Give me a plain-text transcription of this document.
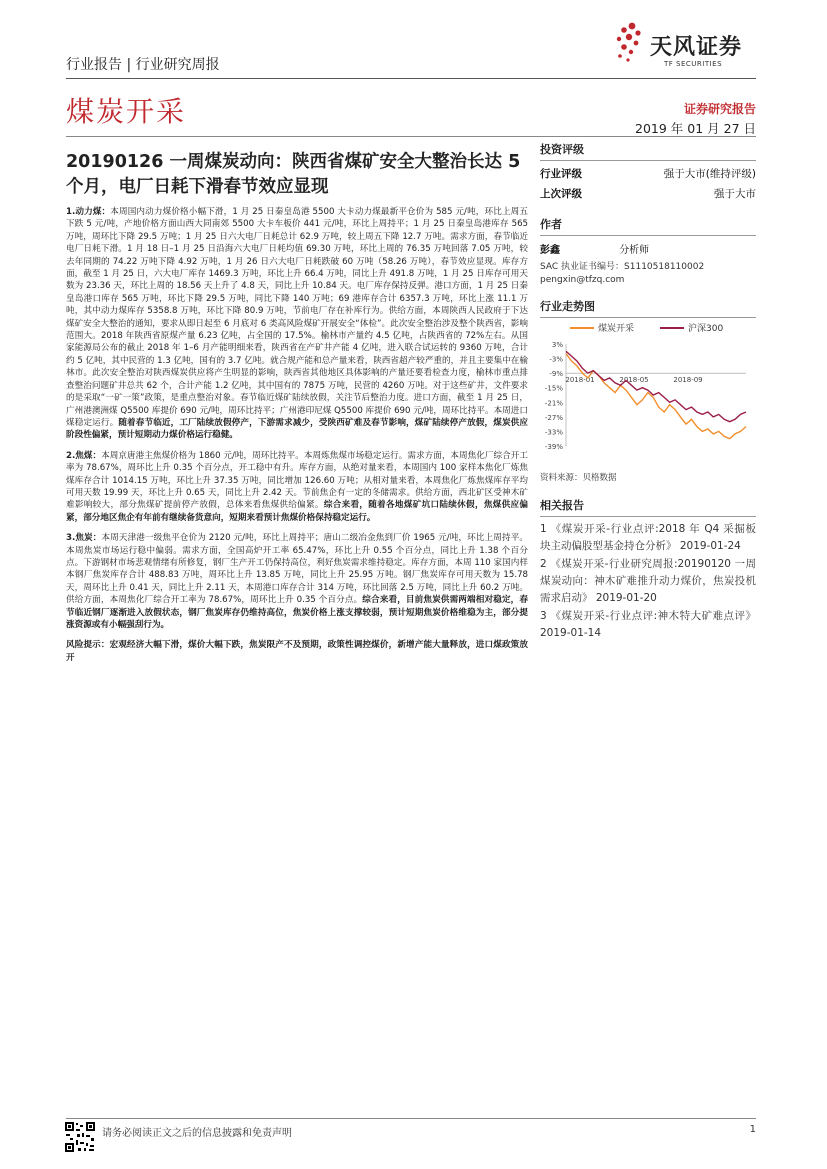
天风证券
TF SECURITIES
行业报告 | 行业研究周报
煤炭开采	证券研究报告
2019 年 01 月 27 日
20190126 一周煤炭动向：陕西省煤矿安全大整治长达 5 个月，电厂日耗下滑春节效应显现

1.动力煤：本周国内动力煤价格小幅下滑，1 月 25 日秦皇岛港 5500 大卡动力煤最新平仓价为 585 元/吨，环比上周五下跌 5 元/吨，产地价格方面山西大同南郊 5500 大卡车板价 441 元/吨，环比上周持平；1 月 25 日秦皇岛港库存 565 万吨，周环比下降 29.5 万吨；1 月 25 日六大电厂日耗总计 62.9 万吨，较上周五下降 12.7 万吨。需求方面，春节临近电厂日耗下滑。1 月 18 日–1 月 25 日沿海六大电厂日耗均值 69.30 万吨，环比上周的 76.35 万吨回落 7.05 万吨，较去年同期的 74.22 万吨下降 4.92 万吨，1 月 26 日六大电厂日耗跌破 60 万吨（58.26 万吨），春节效应显现。库存方面，截至 1 月 25 日，六大电厂库存 1469.3 万吨，环比上升 66.4 万吨，同比上升 491.8 万吨，1 月 25 日库存可用天数为 23.36 天，环比上周的 18.56 天上升了 4.8 天，同比上升 10.84 天。电厂库存保持反弹。港口方面，1 月 25 日秦皇岛港口库存 565 万吨，环比下降 29.5 万吨，同比下降 140 万吨；69 港库存合计 6357.3 万吨，环比上涨 11.1 万吨，其中动力煤库存 5358.8 万吨，环比下降 80.9 万吨，节前电厂存在补库行为。供给方面，本周陕西人民政府于下达煤矿安全大整治的通知，要求从即日起至 6 月底对 6 类高风险煤矿开展安全“体检”。此次安全整治涉及整个陕西省，影响范围大。2018 年陕西省原煤产量 6.23 亿吨，占全国的 17.5%。榆林市产量约 4.5 亿吨，占陕西省的 72%左右。从国家能源局公布的截止 2018 年 1–6 月产能明细来看，陕西省在产矿井产能 4 亿吨，进入联合试运转的 9360 万吨，合计约 5 亿吨，其中民营的 1.3 亿吨，国有的 3.7 亿吨。就合规产能和总产量来看，陕西省超产较严重的，并且主要集中在榆林市。此次安全整治对陕西煤炭供应将产生明显的影响，陕西省其他地区具体影响的产量还要看检查力度，榆林市重点排查整治问题矿井总共 62 个，合计产能 1.2 亿吨，其中国有的 7875 万吨，民营的 4260 万吨。对于这些矿井，文件要求的是采取“一矿一策”政策，是重点整治对象。春节临近煤矿陆续放假，关注节后整治力度。进口方面，截至 1 月 25 日，广州港澳洲煤 Q5500 库提价 690 元/吨，周环比持平；广州港印尼煤 Q5500 库提价 690 元/吨，周环比持平。本周进口煤稳定运行。随着春节临近，工厂陆续放假停产，下游需求减少，受陕西矿难及春节影响，煤矿陆续停产放假，煤炭供应阶段性偏紧，预计短期动力煤价格运行稳健。

2.焦煤：本周京唐港主焦煤价格为 1860 元/吨，周环比持平。本周炼焦煤市场稳定运行。需求方面，本周焦化厂综合开工率为 78.67%，周环比上升 0.35 个百分点，开工稳中有升。库存方面，从绝对量来看，本周国内 100 家样本焦化厂炼焦煤库存合计 1014.15 万吨，环比上升 37.35 万吨，同比增加 126.60 万吨；从相对量来看，本周焦化厂炼焦煤库存平均可用天数 19.99 天，环比上升 0.65 天，同比上升 2.42 天。节前焦企有一定的冬储需求。供给方面，西北矿区受神木矿难影响较大，部分焦煤矿提前停产放假，总体来看焦煤供给偏紧。综合来看，随着各地煤矿坑口陆续休假，焦煤供应偏紧，部分地区焦企有年前有继续备货意向，短期来看预计焦煤价格保持稳定运行。

3.焦炭：本周天津港一级焦平仓价为 2120 元/吨，环比上周持平；唐山二级冶金焦到厂价 1965 元/吨，环比上周持平。本周焦炭市场运行稳中偏弱。需求方面，全国高炉开工率 65.47%，环比上升 0.55 个百分点，同比上升 1.38 个百分点。下游钢材市场悲观情绪有所修复，钢厂生产开工仍保持高位，利好焦炭需求维持稳定。库存方面，本周 110 家国内样本钢厂焦炭库存合计 488.83 万吨，周环比上升 13.85 万吨，同比上升 25.95 万吨。钢厂焦炭库存可用天数为 15.78 天，周环比上升 0.41 天，同比上升 2.11 天，本周港口库存合计 314 万吨，环比回落 2.5 万吨，同比上升 60.2 万吨。供给方面，本周焦化厂综合开工率为 78.67%，周环比上升 0.35 个百分点。综合来看，目前焦炭供需两端相对稳定，春节临近钢厂逐渐进入放假状态，钢厂焦炭库存仍维持高位，焦炭价格上涨支撑较弱，预计短期焦炭价格维稳为主，部分提涨资源或有小幅强刮行为。

风险提示：宏观经济大幅下滑，煤价大幅下跌，焦炭限产不及预期，政策性调控煤价，新增产能大量释放，进口煤政策放开

投资评级
行业评级	强于大市(维持评级)
上次评级	强于大市
作者
彭鑫	分析师
SAC 执业证书编号：S1110518110002
pengxin@tfzq.com
行业走势图
煤炭开采	沪深300
3%
-3%
-9%
-15%
-21%
-27%
-33%
-39%
2018-01	2018-05	2018-09
资料来源：贝格数据
相关报告
1 《煤炭开采-行业点评:2018 年 Q4 采掘板块主动偏股型基金持仓分析》 2019-01-24
2 《煤炭开采-行业研究周报:20190120 一周煤炭动向：神木矿难推升动力煤价，焦炭投机需求启动》 2019-01-20
3 《煤炭开采-行业点评:神木特大矿难点评》 2019-01-14
请务必阅读正文之后的信息披露和免责声明	1
